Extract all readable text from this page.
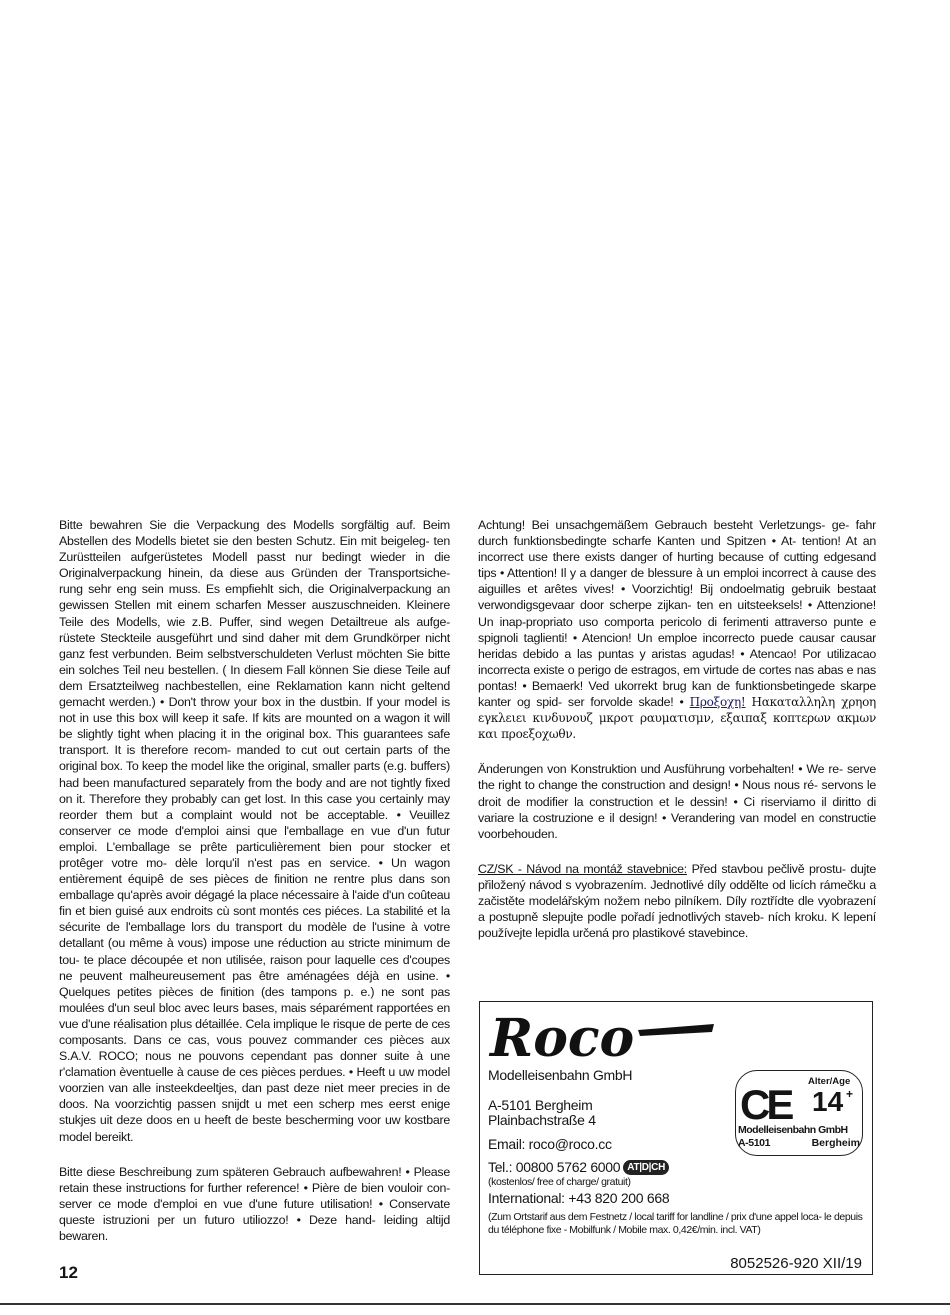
Bitte bewahren Sie die Verpackung des Modells sorgfältig auf. Beim Abstellen des Modells bietet sie den besten Schutz. Ein mit beigeleg- ten Zurüstteilen aufgerüstetes Modell passt nur bedingt wieder in die Originalverpackung hinein, da diese aus Gründen der Transportsiche- rung sehr eng sein muss. Es empfiehlt sich, die Originalverpackung an gewissen Stellen mit einem scharfen Messer auszuschneiden. Kleinere Teile des Modells, wie z.B. Puffer, sind wegen Detailtreue als aufge- rüstete Steckteile ausgeführt und sind daher mit dem Grundkörper nicht ganz fest verbunden. Beim selbstverschuldeten Verlust möchten Sie bitte ein solches Teil neu bestellen. ( In diesem Fall können Sie diese Teile auf dem Ersatzteilweg nachbestellen, eine Reklamation kann nicht geltend gemacht werden.) • Don't throw your box in the dustbin. If your model is not in use this box will keep it safe. If kits are mounted on a wagon it will be slightly tight when placing it in the original box. This guarantees safe transport. It is therefore recom- manded to cut out certain parts of the original box. To keep the model like the original, smaller parts (e.g. buffers) had been manufactured separately from the body and are not tightly fixed on it. Therefore they probably can get lost. In this case you certainly may reorder them but a complaint would not be acceptable. • Veuillez conserver ce mode d'emploi ainsi que l'emballage en vue d'un futur emploi. L'emballage se prête particulièrement bien pour stocker et protêger votre mo- dèle lorqu'il n'est pas en service. • Un wagon entièrement équipê de ses pièces de finition ne rentre plus dans son emballage qu'après avoir dégagé la place nécessaire à l'aide d'un coûteau fin et bien guisé aux endroits cù sont montés ces piéces. La stabilité et la sécurite de l'emballage lors du transport du modèle de l'usine à votre detallant (ou même à vous) impose une réduction au stricte minimum de tou- te place découpée et non utilisée, raison pour laquelle ces d'coupes ne peuvent malheureusement pas être aménagées déjà en usine. • Quelques petites pièces de finition (des tampons p. e.) ne sont pas moulées d'un seul bloc avec leurs bases, mais séparément rapportées en vue d'une réalisation plus détaillée. Cela implique le risque de perte de ces composants. Dans ce cas, vous pouvez commander ces pièces aux S.A.V. ROCO; nous ne pouvons cependant pas donner suite à une r'clamation èventuelle à cause de ces pièces perdues. • Heeft u uw model voorzien van alle insteekdeeltjes, dan past deze niet meer precies in de doos. Na voorzichtig passen snijdt u met een scherp mes eerst enige stukjes uit deze doos en u heeft de beste bescherming voor uw kostbare model bereikt.

Bitte diese Beschreibung zum späteren Gebrauch aufbewahren! • Please retain these instructions for further reference! • Pière de bien vouloir con- server ce mode d'emploi en vue d'une future utilisation! • Conservate queste istruzioni per un futuro utiliozzo! • Deze hand- leiding altijd bewaren.

Achtung! Bei unsachgemäßem Gebrauch besteht Verletzungs- ge- fahr durch funktionsbedingte scharfe Kanten und Spitzen • At- tention! At an incorrect use there exists danger of hurting because of cutting edgesand tips • Attention! Il y a danger de blessure à un emploi incorrect à cause des aiguilles et arêtes vives! • Voorzichtig! Bij ondoelmatig gebruik bestaat verwondigsgevaar door scherpe zijkan- ten en uitsteeksels! • Attenzione! Un inap-propriato uso comporta pericolo di ferimenti attraverso punte e spignoli taglienti! • Atencion! Un emploe incorrecto puede causar causar heridas debido a las puntas y aristas agudas! • Atencao! Por utilizacao incorrecta existe o perigo de estragos, em virtude de cortes nas abas e nas pontas! • Bemaerk! Ved ukorrekt brug kan de funktionsbetingede skarpe kanter og spid- ser forvolde skade! • Προξοχη! Ηακαταλληλη χρηοη εγκλειει κινδυνουζ μκροτ ραυματισμν, εξαιπαξ κοπτερων ακμων και προεξοχωθν.

Änderungen von Konstruktion und Ausführung vorbehalten! • We re- serve the right to change the construction and design! • Nous nous ré- servons le droit de modifier la construction et le dessin! • Ci riserviamo il diritto di variare la costruzione e il design! • Verandering van model en constructie voorbehouden.

CZ/SK - Návod na montáž stavebnice: Před stavbou pečlivě prostu- dujte přiložený návod s vyobrazením. Jednotlivé díly oddělte od licích rámečku a začistěte modelářským nožem nebo pilníkem. Díly roztřídte dle vyobrazení a postupně slepujte podle pořadí jednotlivých staveb- ních kroku. K lepení používejte lepidla určená pro plastikové stavebince.

12
Roco
Modelleisenbahn GmbH
A-5101 Bergheim
Plainbachstraße 4
Email: roco@roco.cc
Tel.: 00800 5762 6000 AT|D|CH
(kostenlos/ free of charge/ gratuit)
International: +43 820 200 668
(Zum Ortstarif aus dem Festnetz / local tariff for landline / prix d'une appel loca- le depuis du téléphone fixe - Mobilfunk / Mobile max. 0,42€/min. incl. VAT)
8052526-920 XII/19
CE Alter/Age
14 +
Modelleisenbahn GmbH
A-5101	Bergheim
